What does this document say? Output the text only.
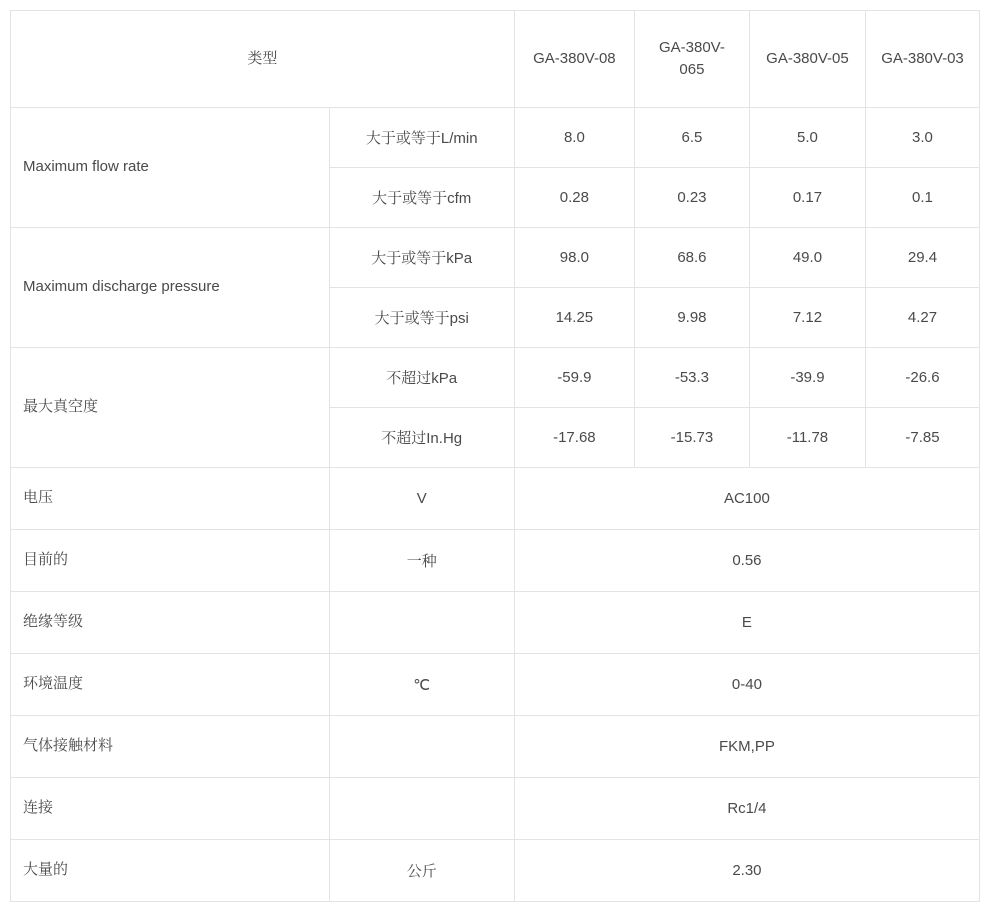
类型		GA-380V-08	GA-380V-065	GA-380V-05	GA-380V-03
Maximum flow rate	大于或等于L/min	8.0	6.5	5.0	3.0
	大于或等于cfm	0.28	0.23	0.17	0.1
Maximum discharge pressure	大于或等于kPa	98.0	68.6	49.0	29.4
	大于或等于psi	14.25	9.98	7.12	4.27
最大真空度	不超过kPa	-59.9	-53.3	-39.9	-26.6
	不超过In.Hg	-17.68	-15.73	-11.78	-7.85
电压	V	AC100			
目前的	一种	0.56			
绝缘等级		E			
环境温度	℃	0-40			
气体接触材料		FKM,PP			
连接		Rc1/4			
大量的	公斤	2.30			
